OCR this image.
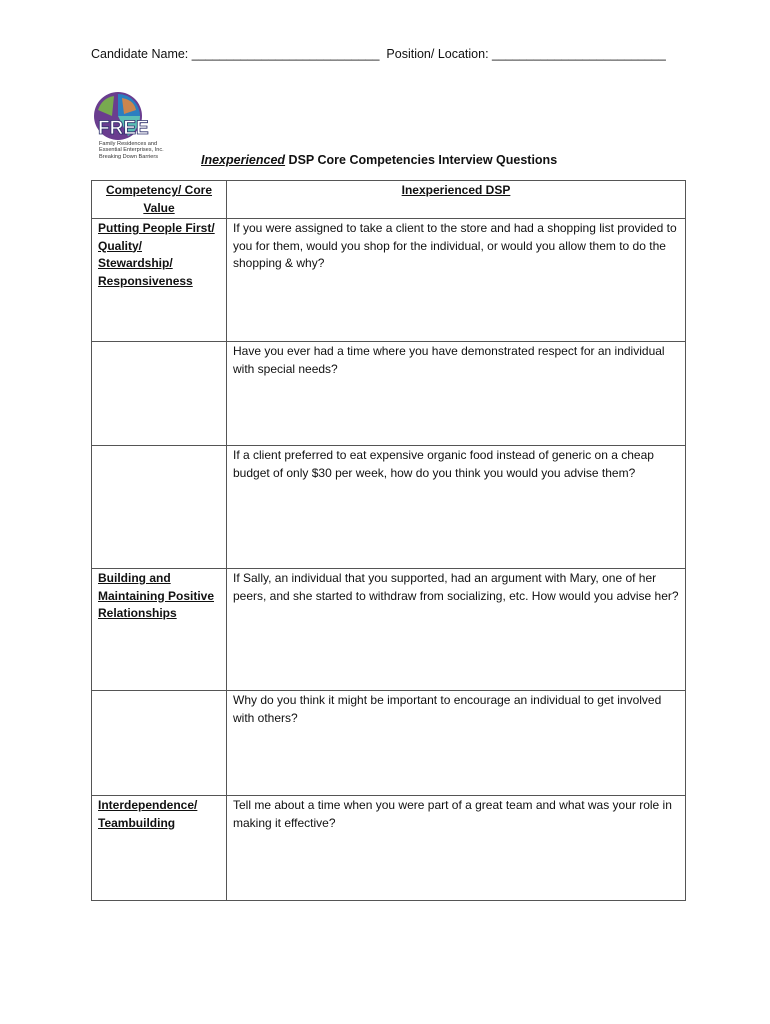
Candidate Name: ___________________________ Position/ Location: _________________________
FREE
Family Residences and
Essential Enterprises, Inc.
Breaking Down Barriers	Inexperienced DSP Core Competencies Interview Questions
Competency/ Core Value	Inexperienced DSP
Putting People First/ Quality/ Stewardship/ Responsiveness	If you were assigned to take a client to the store and had a shopping list provided to you for them, would you shop for the individual, or would you allow them to do the shopping & why?
	Have you ever had a time where you have demonstrated respect for an individual with special needs?
	If a client preferred to eat expensive organic food instead of generic on a cheap budget of only $30 per week, how do you think you would you advise them?
Building and Maintaining Positive Relationships	If Sally, an individual that you supported, had an argument with Mary, one of her peers, and she started to withdraw from socializing, etc. How would you advise her?
	Why do you think it might be important to encourage an individual to get involved with others?
Interdependence/ Teambuilding	Tell me about a time when you were part of a great team and what was your role in making it effective?
